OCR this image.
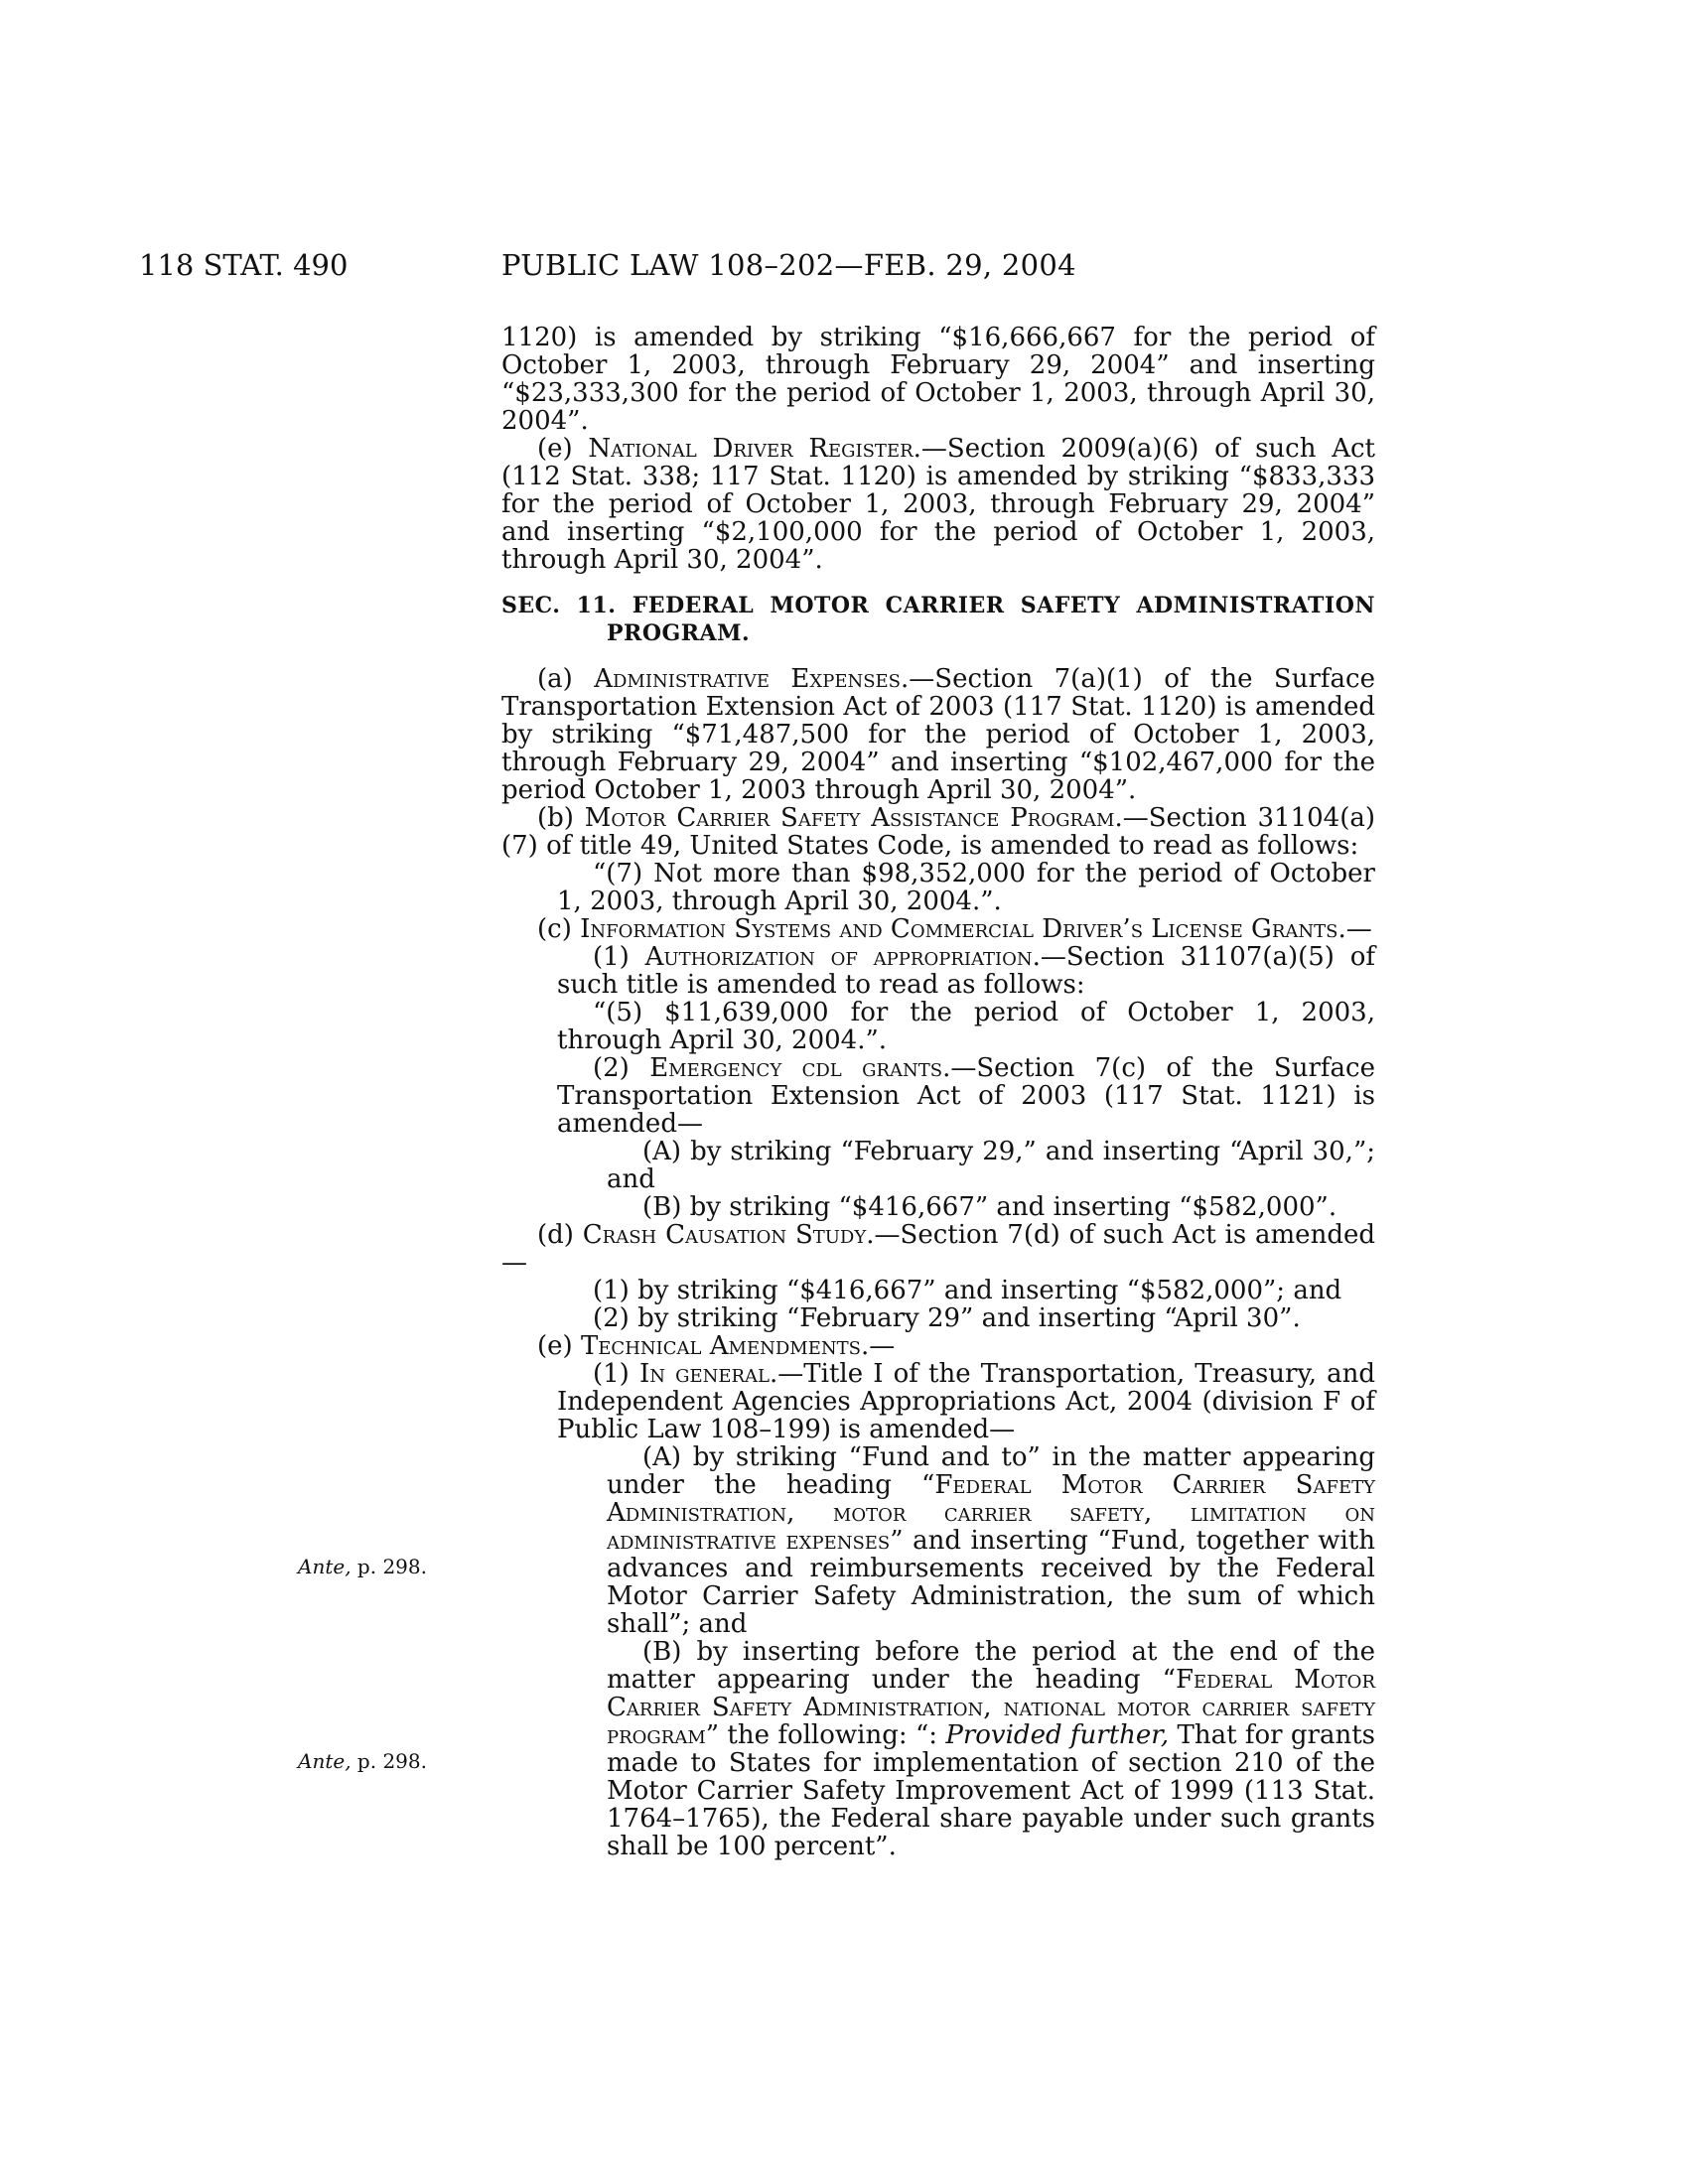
118 STAT. 490	PUBLIC LAW 108–202—FEB. 29, 2004
Ante, p. 298.
Ante, p. 298.

1120) is amended by striking “$16,666,667 for the period of October 1, 2003, through February 29, 2004” and inserting “$23,333,300 for the period of October 1, 2003, through April 30, 2004”.

(e) National Driver Register.—Section 2009(a)(6) of such Act (112 Stat. 338; 117 Stat. 1120) is amended by striking “$833,333 for the period of October 1, 2003, through February 29, 2004” and inserting “$2,100,000 for the period of October 1, 2003, through April 30, 2004”.

SEC. 11. FEDERAL MOTOR CARRIER SAFETY ADMINISTRATION PROGRAM.

(a) Administrative Expenses.—Section 7(a)(1) of the Surface Transportation Extension Act of 2003 (117 Stat. 1120) is amended by striking “$71,487,500 for the period of October 1, 2003, through February 29, 2004” and inserting “$102,467,000 for the period October 1, 2003 through April 30, 2004”.

(b) Motor Carrier Safety Assistance Program.—Section 31104(a)(7) of title 49, United States Code, is amended to read as follows:

“(7) Not more than $98,352,000 for the period of October 1, 2003, through April 30, 2004.”.

(c) Information Systems and Commercial Driver’s License Grants.—

(1) Authorization of appropriation.—Section 31107(a)(5) of such title is amended to read as follows:

“(5) $11,639,000 for the period of October 1, 2003, through April 30, 2004.”.

(2) Emergency cdl grants.—Section 7(c) of the Surface Transportation Extension Act of 2003 (117 Stat. 1121) is amended—

(A) by striking “February 29,” and inserting “April 30,”; and

(B) by striking “$416,667” and inserting “$582,000”.

(d) Crash Causation Study.—Section 7(d) of such Act is amended—

(1) by striking “$416,667” and inserting “$582,000”; and

(2) by striking “February 29” and inserting “April 30”.

(e) Technical Amendments.—

(1) In general.—Title I of the Transportation, Treasury, and Independent Agencies Appropriations Act, 2004 (division F of Public Law 108–199) is amended—

(A) by striking “Fund and to” in the matter appearing under the heading “Federal Motor Carrier Safety Administration, motor carrier safety, limitation on administrative expenses” and inserting “Fund, together with advances and reimbursements received by the Federal Motor Carrier Safety Administration, the sum of which shall”; and

(B) by inserting before the period at the end of the matter appearing under the heading “Federal Motor Carrier Safety Administration, national motor carrier safety program” the following: “: Provided further, That for grants made to States for implementation of section 210 of the Motor Carrier Safety Improvement Act of 1999 (113 Stat. 1764–1765), the Federal share payable under such grants shall be 100 percent”.
